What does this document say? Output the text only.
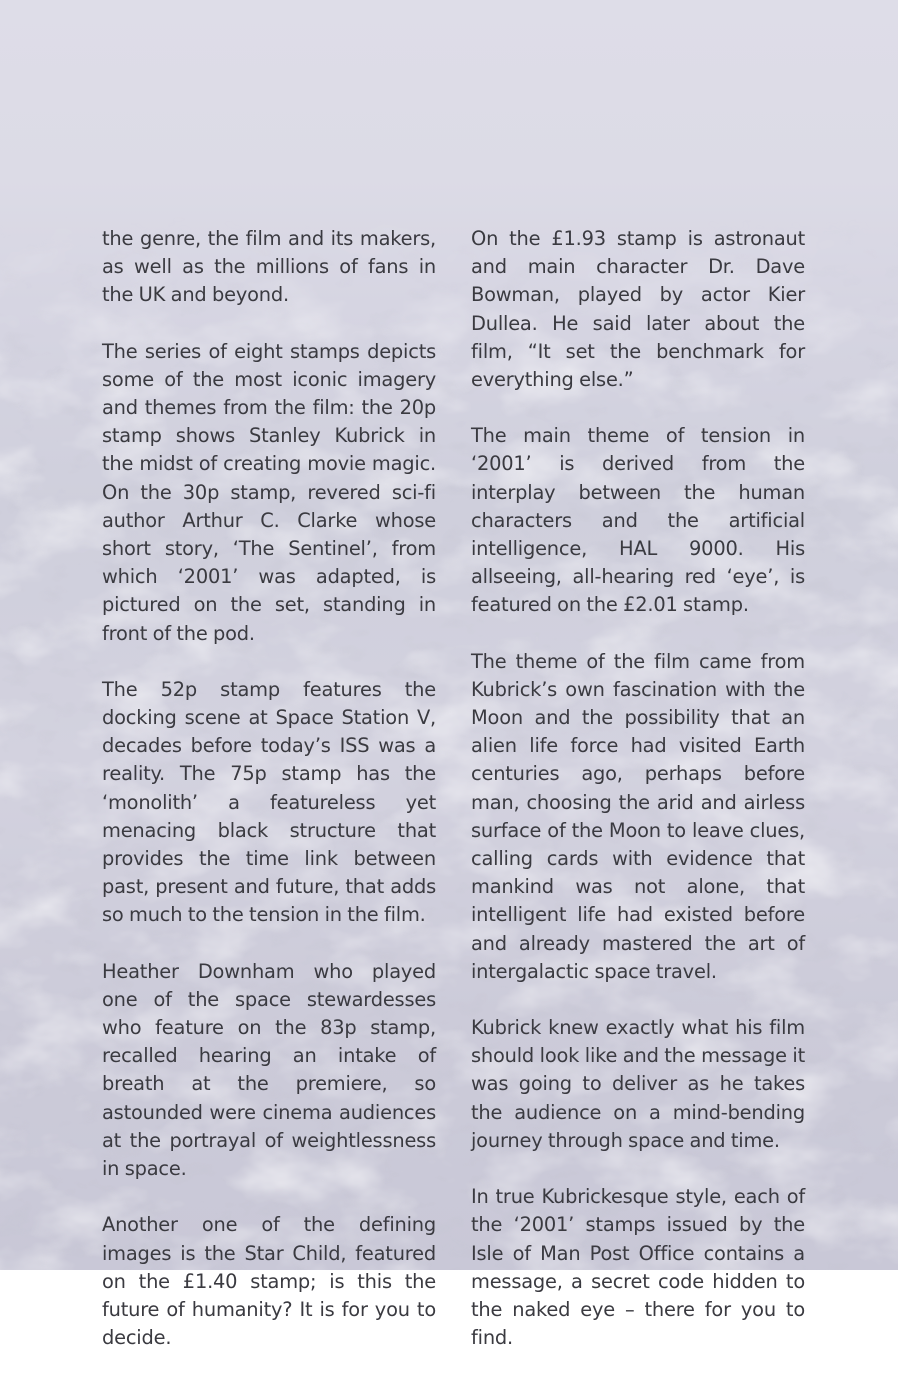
the genre, the film and its makers, as well as the millions of fans in the UK and beyond.

The series of eight stamps depicts some of the most iconic imagery and themes from the film: the 20p stamp shows Stanley Kubrick in the midst of creating movie magic. On the 30p stamp, revered sci-fi author Arthur C. Clarke whose short story, ‘The Sentinel’, from which ‘2001’ was adapted, is pictured on the set, standing in front of the pod.

The 52p stamp features the docking scene at Space Station V, decades before today’s ISS was a reality. The 75p stamp has the ‘monolith’ a featureless yet menacing black structure that provides the time link between past, present and future, that adds so much to the tension in the film.

Heather Downham who played one of the space stewardesses who feature on the 83p stamp, recalled hearing an intake of breath at the premiere, so astounded were cinema audiences at the portrayal of weightlessness in space.

Another one of the defining images is the Star Child, featured on the £1.40 stamp; is this the future of humanity? It is for you to decide.

On the £1.93 stamp is astronaut and main character Dr. Dave Bowman, played by actor Kier Dullea. He said later about the film, “It set the benchmark for everything else.”

The main theme of tension in ‘2001’ is derived from the interplay between the human characters and the artificial intelligence, HAL 9000. His allseeing, all-hearing red ‘eye’, is featured on the £2.01 stamp.

The theme of the film came from Kubrick’s own fascination with the Moon and the possibility that an alien life force had visited Earth centuries ago, perhaps before man, choosing the arid and airless surface of the Moon to leave clues, calling cards with evidence that mankind was not alone, that intelligent life had existed before and already mastered the art of intergalactic space travel.

Kubrick knew exactly what his film should look like and the message it was going to deliver as he takes the audience on a mind-bending journey through space and time.

In true Kubrickesque style, each of the ‘2001’ stamps issued by the Isle of Man Post Office contains a message, a secret code hidden to the naked eye – there for you to find.
